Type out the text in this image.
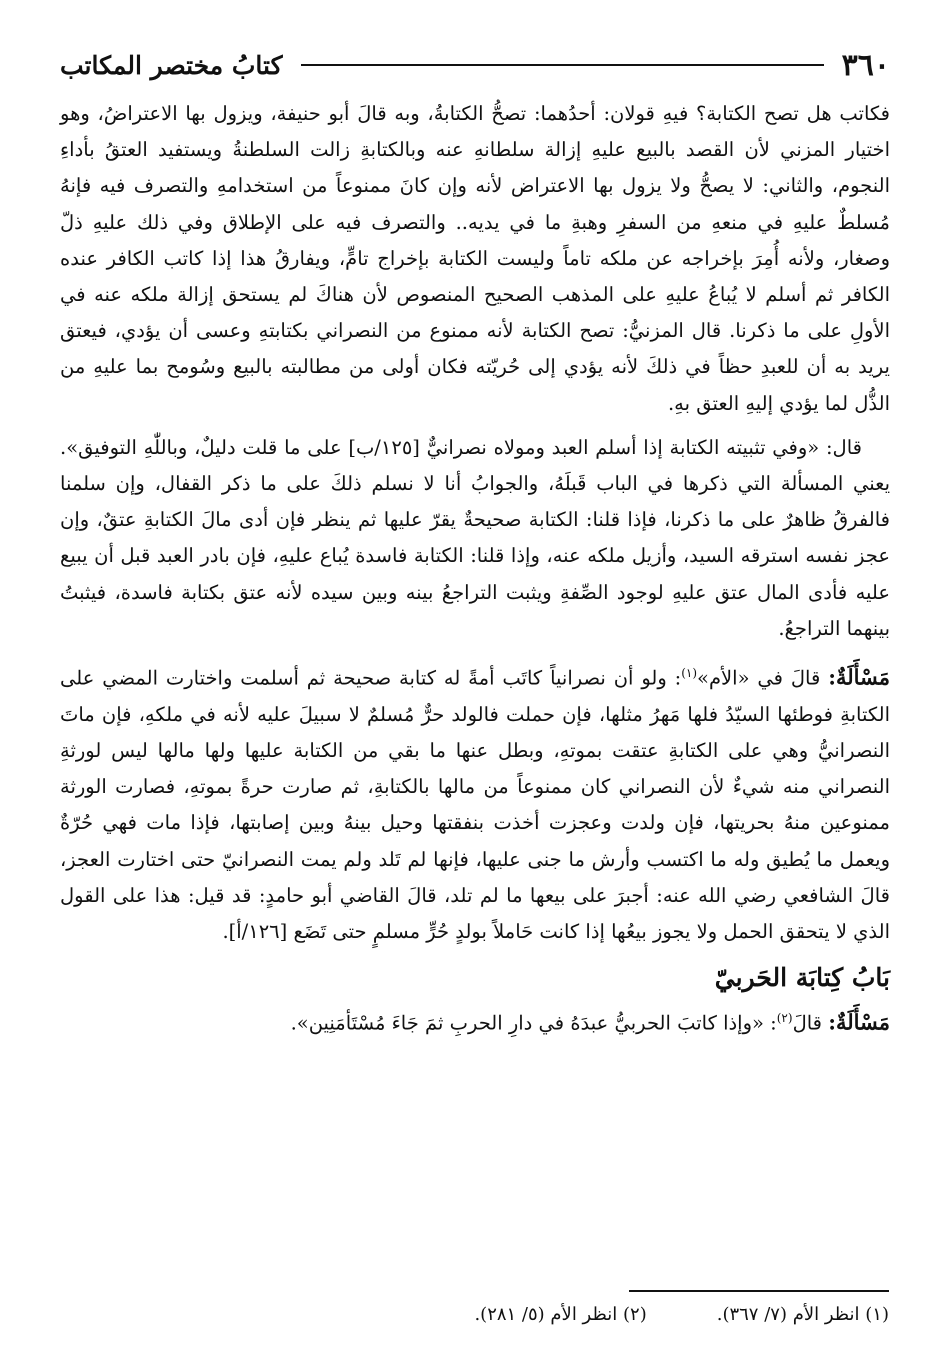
٣٦٠
كتابُ مختصر المكاتب

فكاتب هل تصح الكتابة؟ فيهِ قولان: أحدُهما: تصحُّ الكتابةُ، وبه قالَ أبو حنيفة، ويزول بها الاعتراضُ، وهو اختيار المزني لأن القصد بالبيع عليهِ إزالة سلطانهِ عنه وبالكتابةِ زالت السلطنةُ ويستفيد العتقُ بأداءِ النجوم، والثاني: لا يصحُّ ولا يزول بها الاعتراض لأنه وإن كانَ ممنوعاً من استخدامهِ والتصرف فيه فإنهُ مُسلطٌ عليهِ في منعهِ من السفرِ وهبةِ ما في يديه.. والتصرف فيه على الإطلاق وفي ذلك عليهِ ذلّ وصغار، ولأنه أُمِرَ بإخراجه عن ملكه تاماً وليست الكتابة بإخراج تامٍّ، ويفارقُ هذا إذا كاتب الكافر عنده الكافر ثم أسلم لا يُباعُ عليهِ على المذهب الصحيح المنصوص لأن هناكَ لم يستحق إزالة ملكه عنه في الأولِ على ما ذكرنا. قال المزنيُّ: تصح الكتابة لأنه ممنوع من النصراني بكتابتهِ وعسى أن يؤدي، فيعتق يريد به أن للعبدِ حظاً في ذلكَ لأنه يؤدي إلى حُريّته فكان أولى من مطالبته بالبيع وسُومح بما عليهِ من الذُّل لما يؤدي إليهِ العتق بهِ.

قال: «وفي تثبيته الكتابة إذا أسلم العبد ومولاه نصرانيٌّ [١٢٥/ب] على ما قلت دليلٌ، وباللّٰهِ التوفيق». يعني المسألة التي ذكرها في الباب قَبلَهُ، والجوابُ أنا لا نسلم ذلكَ على ما ذكر القفال، وإن سلمنا فالفرقُ ظاهرٌ على ما ذكرنا، فإذا قلنا: الكتابة صحيحةٌ يقرّ عليها ثم ينظر فإن أدى مالَ الكتابةِ عتقٌ، وإن عجز نفسه استرقه السيد، وأزيل ملكه عنه، وإذا قلنا: الكتابة فاسدة يُباع عليهِ، فإن بادر العبد قبل أن يبيع عليه فأدى المال عتق عليهِ لوجود الصِّفةِ ويثبت التراجعُ بينه وبين سيده لأنه عتق بكتابة فاسدة، فيثبتُ بينهما التراجعُ.

مَسْأَلَةٌ: قالَ في «الأم»$^{(١)}$: ولو أن نصرانياً كاتَب أمةً له كتابة صحيحة ثم أسلمت واختارت المضي على الكتابةِ فوطئها السيّدُ فلها مَهرُ مثلها، فإن حملت فالولد حرٌّ مُسلمٌ لا سبيلَ عليه لأنه في ملكهِ، فإن ماتَ النصرانيُّ وهي على الكتابةِ عتقت بموتهِ، وبطل عنها ما بقي من الكتابة عليها ولها مالها ليس لورثةِ النصراني منه شيءٌ لأن النصراني كان ممنوعاً من مالها بالكتابةِ، ثم صارت حرةً بموتهِ، فصارت الورثة ممنوعين منهُ بحريتها، فإن ولدت وعجزت أخذت بنفقتها وحيل بينهُ وبين إصابتها، فإذا مات فهي حُرّةٌ ويعمل ما يُطيق وله ما اكتسب وأرش ما جنى عليها، فإنها لم تَلد ولم يمت النصرانيّ حتى اختارت العجز، قالَ الشافعي رضي الله عنه: أجبرَ على بيعها ما لم تلد، قالَ القاضي أبو حامدٍ: قد قيل: هذا على القول الذي لا يتحقق الحمل ولا يجوز بيعُها إذا كانت حَاملاً بولدٍ حُرٍّ مسلمٍ حتى تَضَع [١٢٦/أ].

بَابُ كِتابَة الحَربيّ

مَسْأَلَةٌ: قالَ$^{(٢)}$: «وإذا كاتبَ الحربيُّ عبدَهُ في دارِ الحربِ ثمَ جَاءَ مُسْتَأمَنِين».

(١) انظر الأم (٧/ ٣٦٧).
(٢) انظر الأم (٥/ ٢٨١).
